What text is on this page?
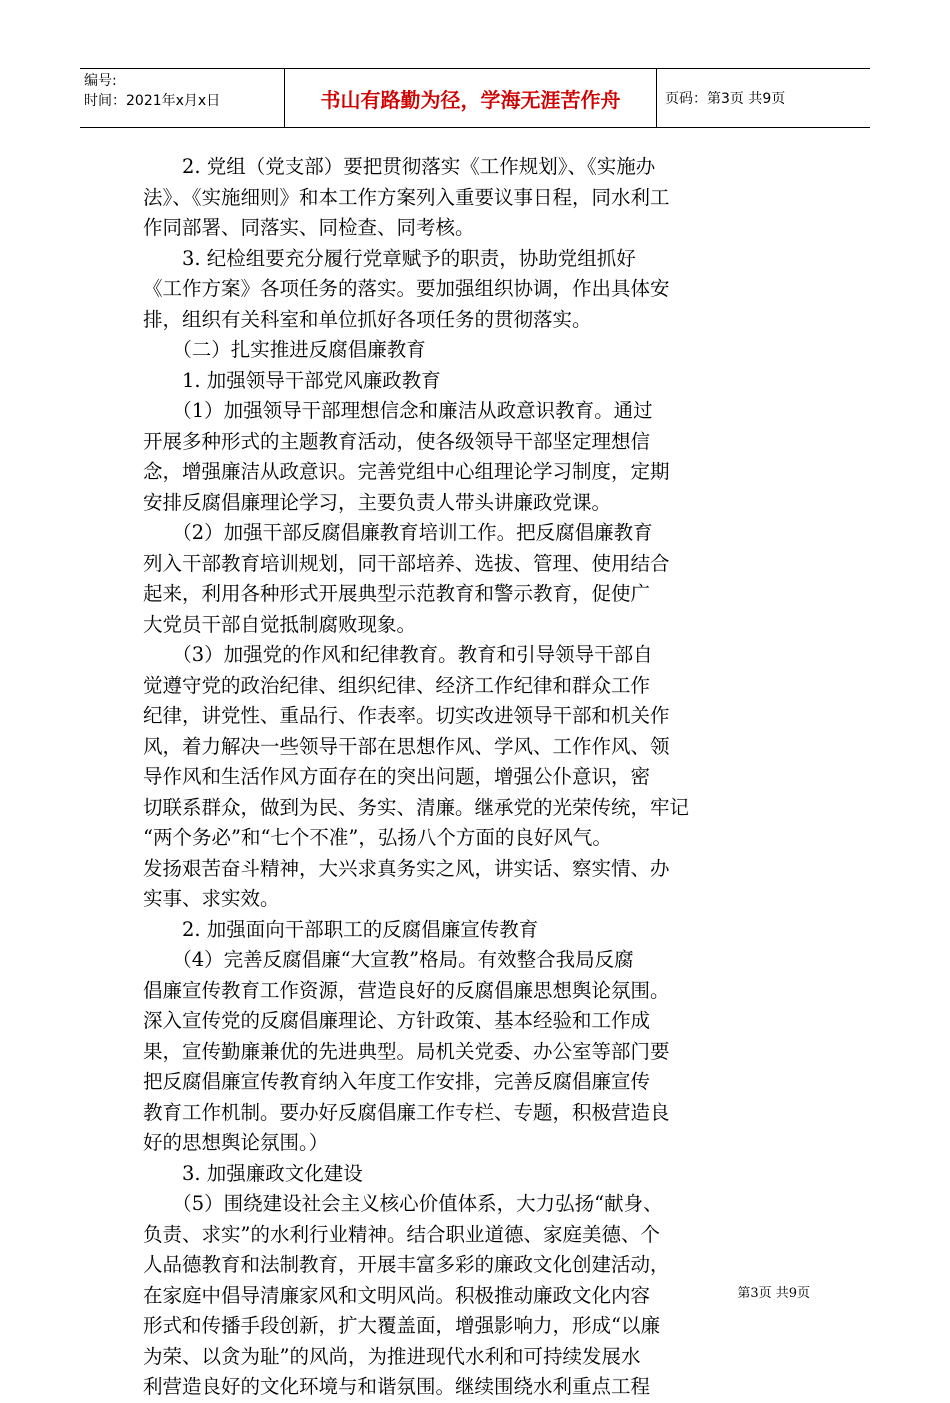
编号:
时间：2021年x月x日	书山有路勤为径，学海无涯苦作舟	页码：第3页 共9页

　　2. 党组（党支部）要把贯彻落实《工作规划》、《实施办

法》、《实施细则》和本工作方案列入重要议事日程，同水利工

作同部署、同落实、同检查、同考核。

　　3. 纪检组要充分履行党章赋予的职责，协助党组抓好

《工作方案》各项任务的落实。要加强组织协调，作出具体安

排，组织有关科室和单位抓好各项任务的贯彻落实。

　　（二）扎实推进反腐倡廉教育

　　1. 加强领导干部党风廉政教育

　　（1）加强领导干部理想信念和廉洁从政意识教育。通过

开展多种形式的主题教育活动，使各级领导干部坚定理想信

念，增强廉洁从政意识。完善党组中心组理论学习制度，定期

安排反腐倡廉理论学习，主要负责人带头讲廉政党课。

　　（2）加强干部反腐倡廉教育培训工作。把反腐倡廉教育

列入干部教育培训规划，同干部培养、选拔、管理、使用结合

起来，利用各种形式开展典型示范教育和警示教育，促使广

大党员干部自觉抵制腐败现象。

　　（3）加强党的作风和纪律教育。教育和引导领导干部自

觉遵守党的政治纪律、组织纪律、经济工作纪律和群众工作

纪律，讲党性、重品行、作表率。切实改进领导干部和机关作

风，着力解决一些领导干部在思想作风、学风、工作作风、领

导作风和生活作风方面存在的突出问题，增强公仆意识，密

切联系群众，做到为民、务实、清廉。继承党的光荣传统，牢记

“两个务必”和“七个不准”，弘扬八个方面的良好风气。

发扬艰苦奋斗精神，大兴求真务实之风，讲实话、察实情、办

实事、求实效。

　　2. 加强面向干部职工的反腐倡廉宣传教育

　　（4）完善反腐倡廉“大宣教”格局。有效整合我局反腐

倡廉宣传教育工作资源，营造良好的反腐倡廉思想舆论氛围。

深入宣传党的反腐倡廉理论、方针政策、基本经验和工作成

果，宣传勤廉兼优的先进典型。局机关党委、办公室等部门要

把反腐倡廉宣传教育纳入年度工作安排，完善反腐倡廉宣传

教育工作机制。要办好反腐倡廉工作专栏、专题，积极营造良

好的思想舆论氛围。）

　　3. 加强廉政文化建设

　　（5）围绕建设社会主义核心价值体系，大力弘扬“献身、

负责、求实”的水利行业精神。结合职业道德、家庭美德、个

人品德教育和法制教育，开展丰富多彩的廉政文化创建活动，

在家庭中倡导清廉家风和文明风尚。积极推动廉政文化内容

形式和传播手段创新，扩大覆盖面，增强影响力，形成“以廉

为荣、以贪为耻”的风尚，为推进现代水利和可持续发展水

利营造良好的文化环境与和谐氛围。继续围绕水利重点工程

第3页 共9页
